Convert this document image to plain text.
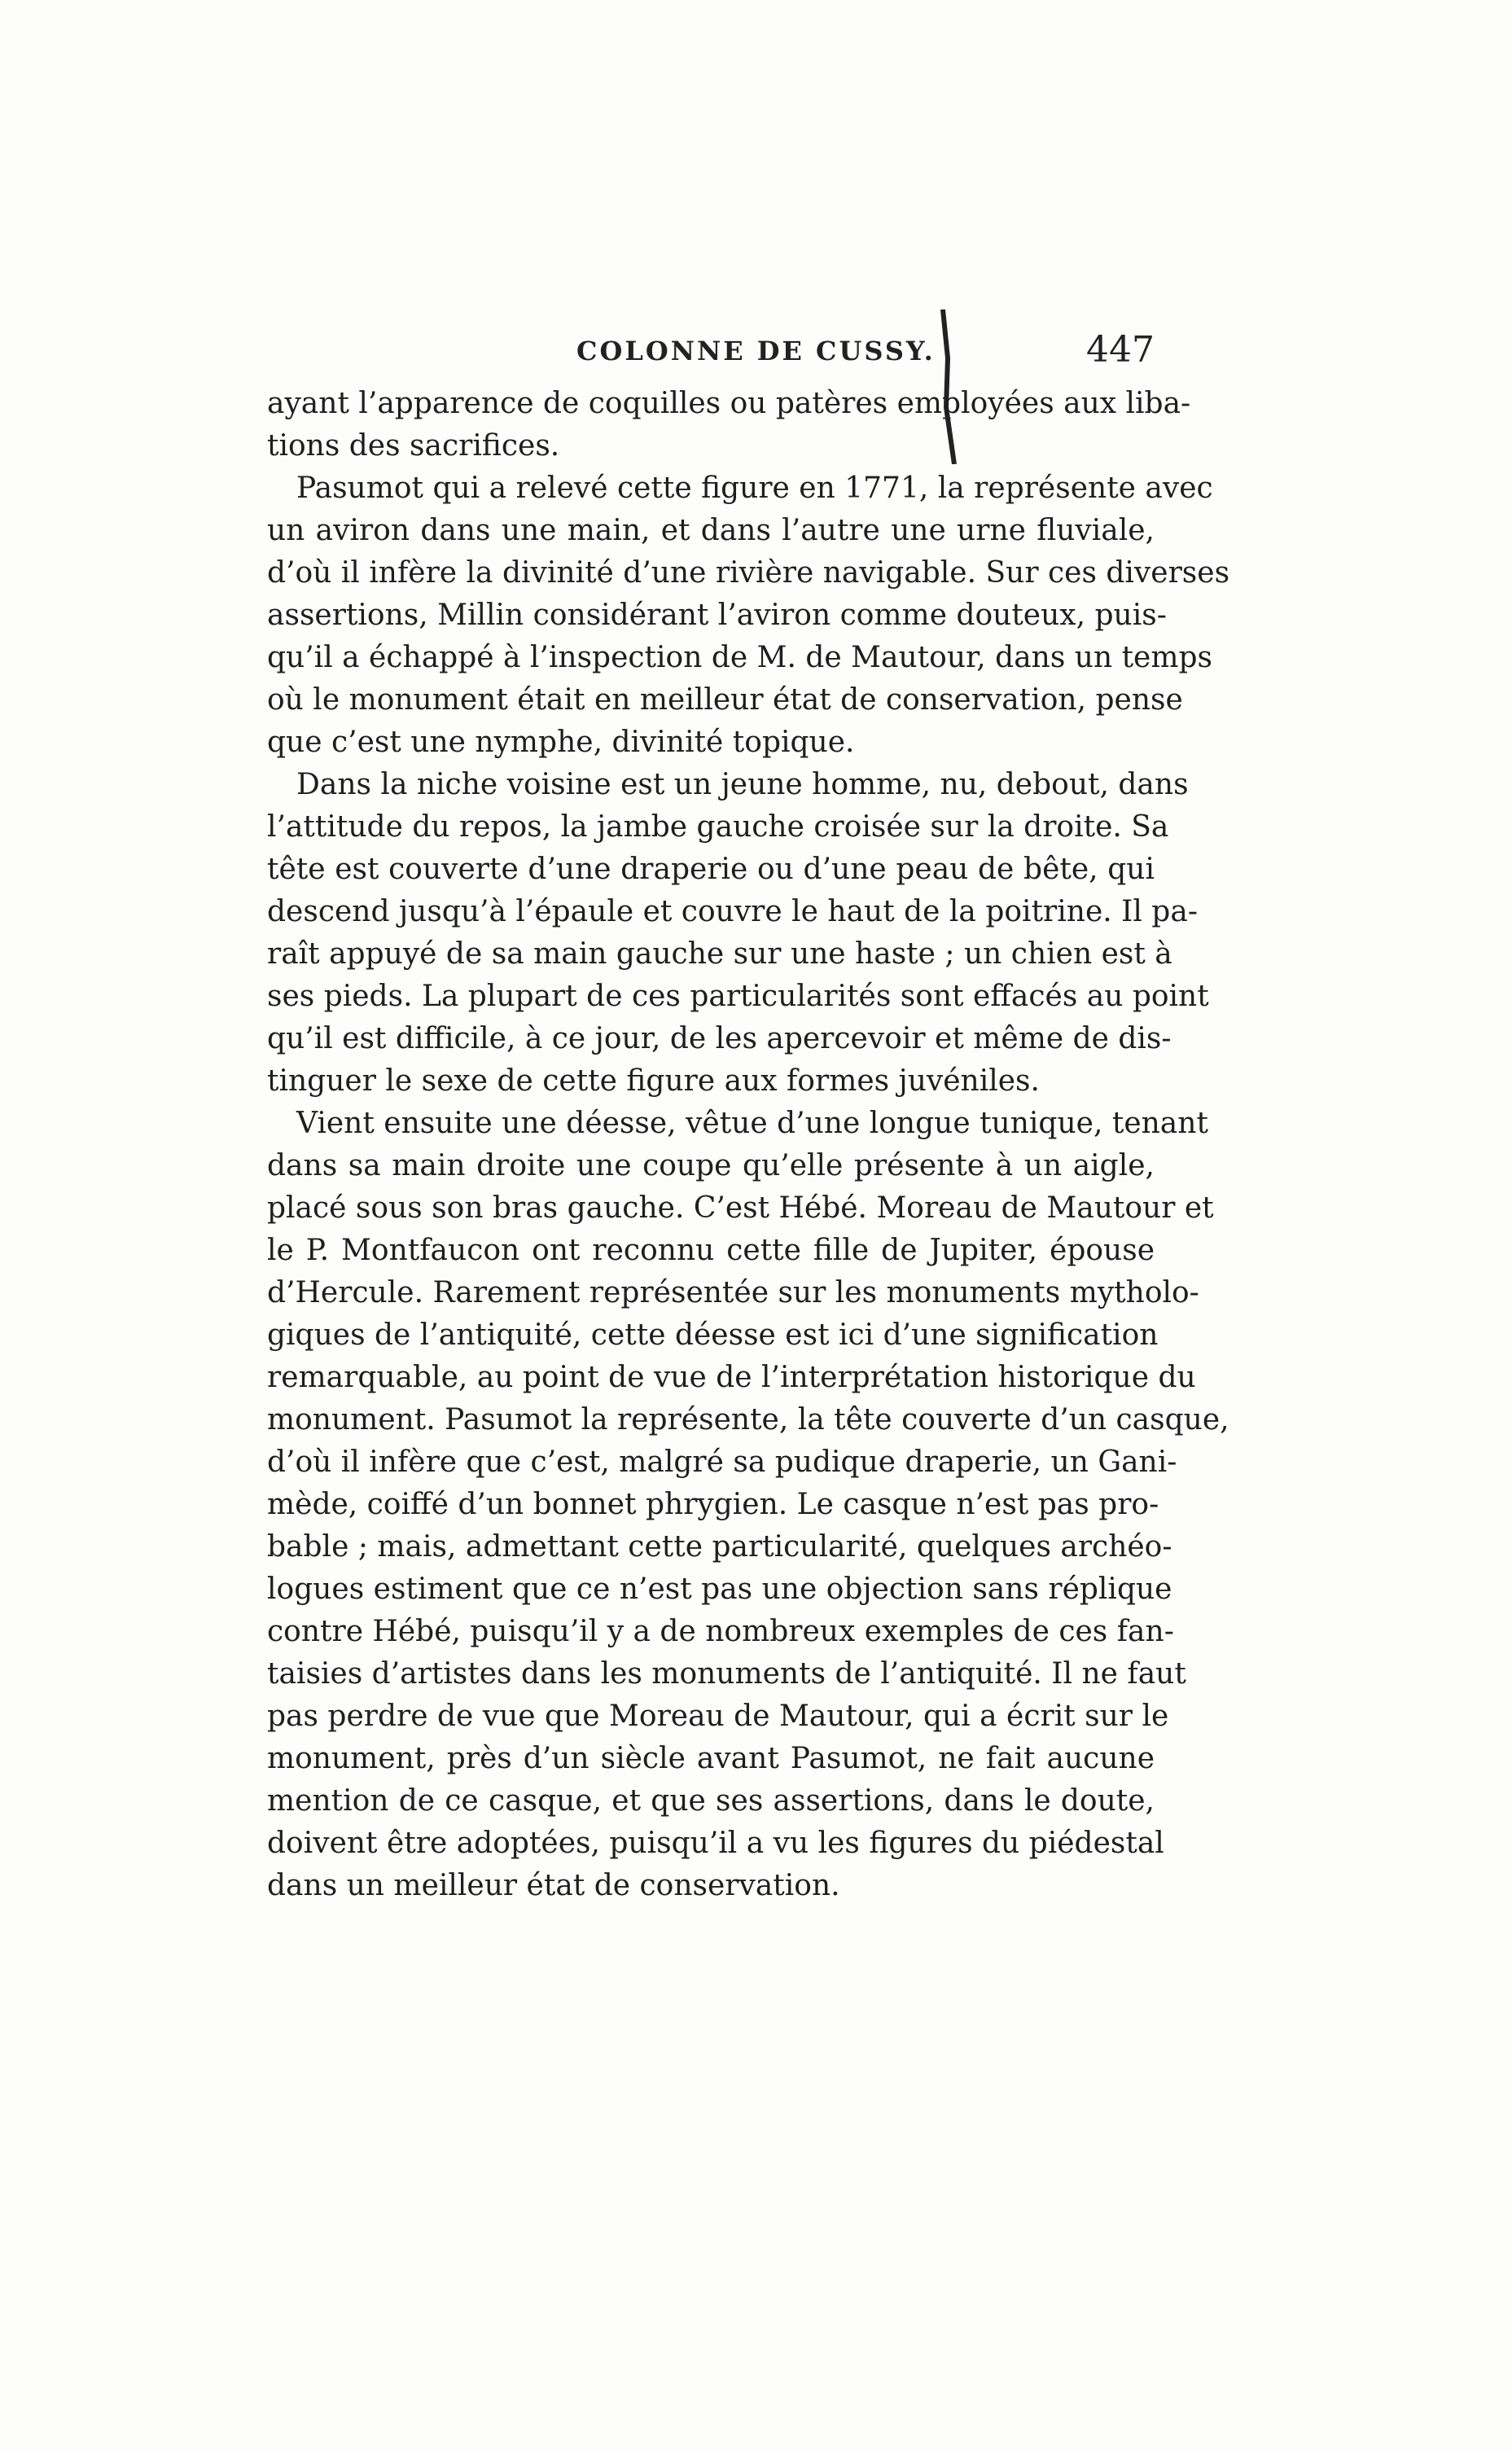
COLONNE DE CUSSY.	447
ayant l’apparence de coquilles ou patères employées aux liba-
tions des sacrifices.
Pasumot qui a relevé cette figure en 1771, la représente avec
un aviron dans une main, et dans l’autre une urne fluviale,
d’où il infère la divinité d’une rivière navigable. Sur ces diverses
assertions, Millin considérant l’aviron comme douteux, puis-
qu’il a échappé à l’inspection de M. de Mautour, dans un temps
où le monument était en meilleur état de conservation, pense
que c’est une nymphe, divinité topique.
Dans la niche voisine est un jeune homme, nu, debout, dans
l’attitude du repos, la jambe gauche croisée sur la droite. Sa
tête est couverte d’une draperie ou d’une peau de bête, qui
descend jusqu’à l’épaule et couvre le haut de la poitrine. Il pa-
raît appuyé de sa main gauche sur une haste ; un chien est à
ses pieds. La plupart de ces particularités sont effacés au point
qu’il est difficile, à ce jour, de les apercevoir et même de dis-
tinguer le sexe de cette figure aux formes juvéniles.
Vient ensuite une déesse, vêtue d’une longue tunique, tenant
dans sa main droite une coupe qu’elle présente à un aigle,
placé sous son bras gauche. C’est Hébé. Moreau de Mautour et
le P. Montfaucon ont reconnu cette fille de Jupiter, épouse
d’Hercule. Rarement représentée sur les monuments mytholo-
giques de l’antiquité, cette déesse est ici d’une signification
remarquable, au point de vue de l’interprétation historique du
monument. Pasumot la représente, la tête couverte d’un casque,
d’où il infère que c’est, malgré sa pudique draperie, un Gani-
mède, coiffé d’un bonnet phrygien. Le casque n’est pas pro-
bable ; mais, admettant cette particularité, quelques archéo-
logues estiment que ce n’est pas une objection sans réplique
contre Hébé, puisqu’il y a de nombreux exemples de ces fan-
taisies d’artistes dans les monuments de l’antiquité. Il ne faut
pas perdre de vue que Moreau de Mautour, qui a écrit sur le
monument, près d’un siècle avant Pasumot, ne fait aucune
mention de ce casque, et que ses assertions, dans le doute,
doivent être adoptées, puisqu’il a vu les figures du piédestal
dans un meilleur état de conservation.
